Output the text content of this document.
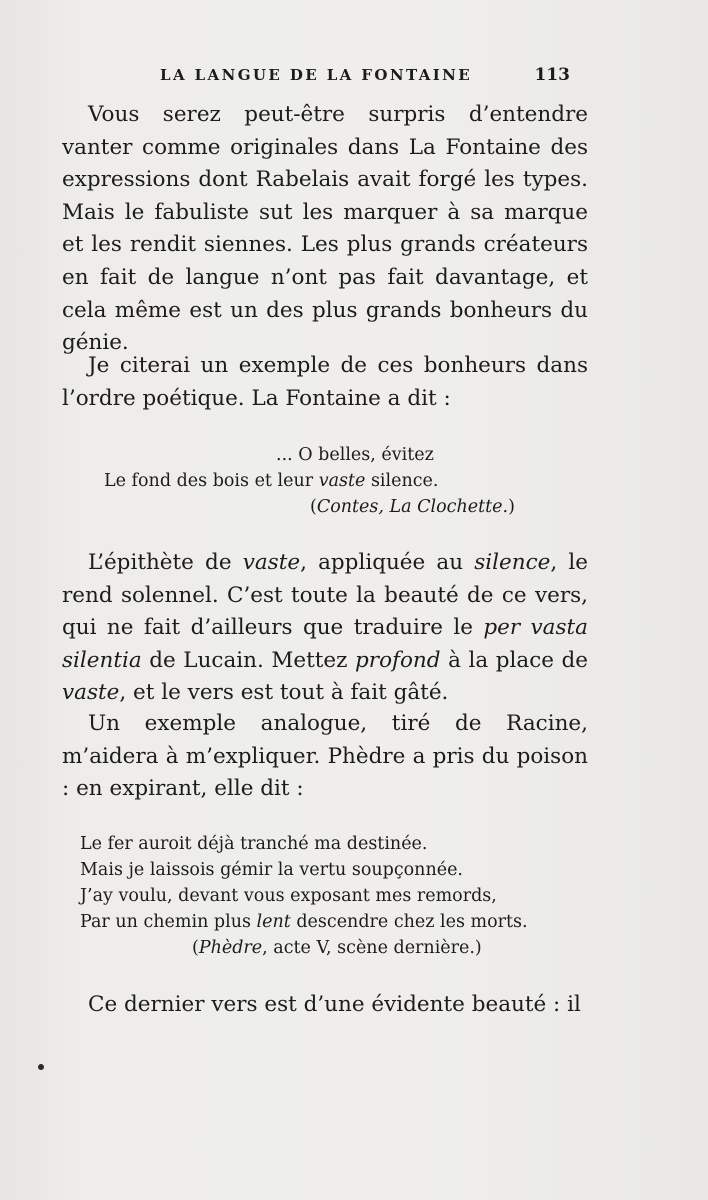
LA LANGUE DE LA FONTAINE	113

Vous serez peut-être surpris d’entendre vanter comme originales dans La Fontaine des expressions dont Rabelais avait forgé les types. Mais le fabuliste sut les marquer à sa marque et les rendit siennes. Les plus grands créateurs en fait de langue n’ont pas fait davantage, et cela même est un des plus grands bonheurs du génie.

Je citerai un exemple de ces bonheurs dans l’ordre poétique. La Fontaine a dit :

... O belles, évitez
Le fond des bois et leur vaste silence.
(Contes, La Clochette.)

L’épithète de vaste, appliquée au silence, le rend solennel. C’est toute la beauté de ce vers, qui ne fait d’ailleurs que traduire le per vasta silentia de Lucain. Mettez profond à la place de vaste, et le vers est tout à fait gâté.

Un exemple analogue, tiré de Racine, m’aidera à m’expliquer. Phèdre a pris du poison : en expirant, elle dit :

Le fer auroit déjà tranché ma destinée.
Mais je laissois gémir la vertu soupçonnée.
J’ay voulu, devant vous exposant mes remords,
Par un chemin plus lent descendre chez les morts.
(Phèdre, acte V, scène dernière.)

Ce dernier vers est d’une évidente beauté : il
